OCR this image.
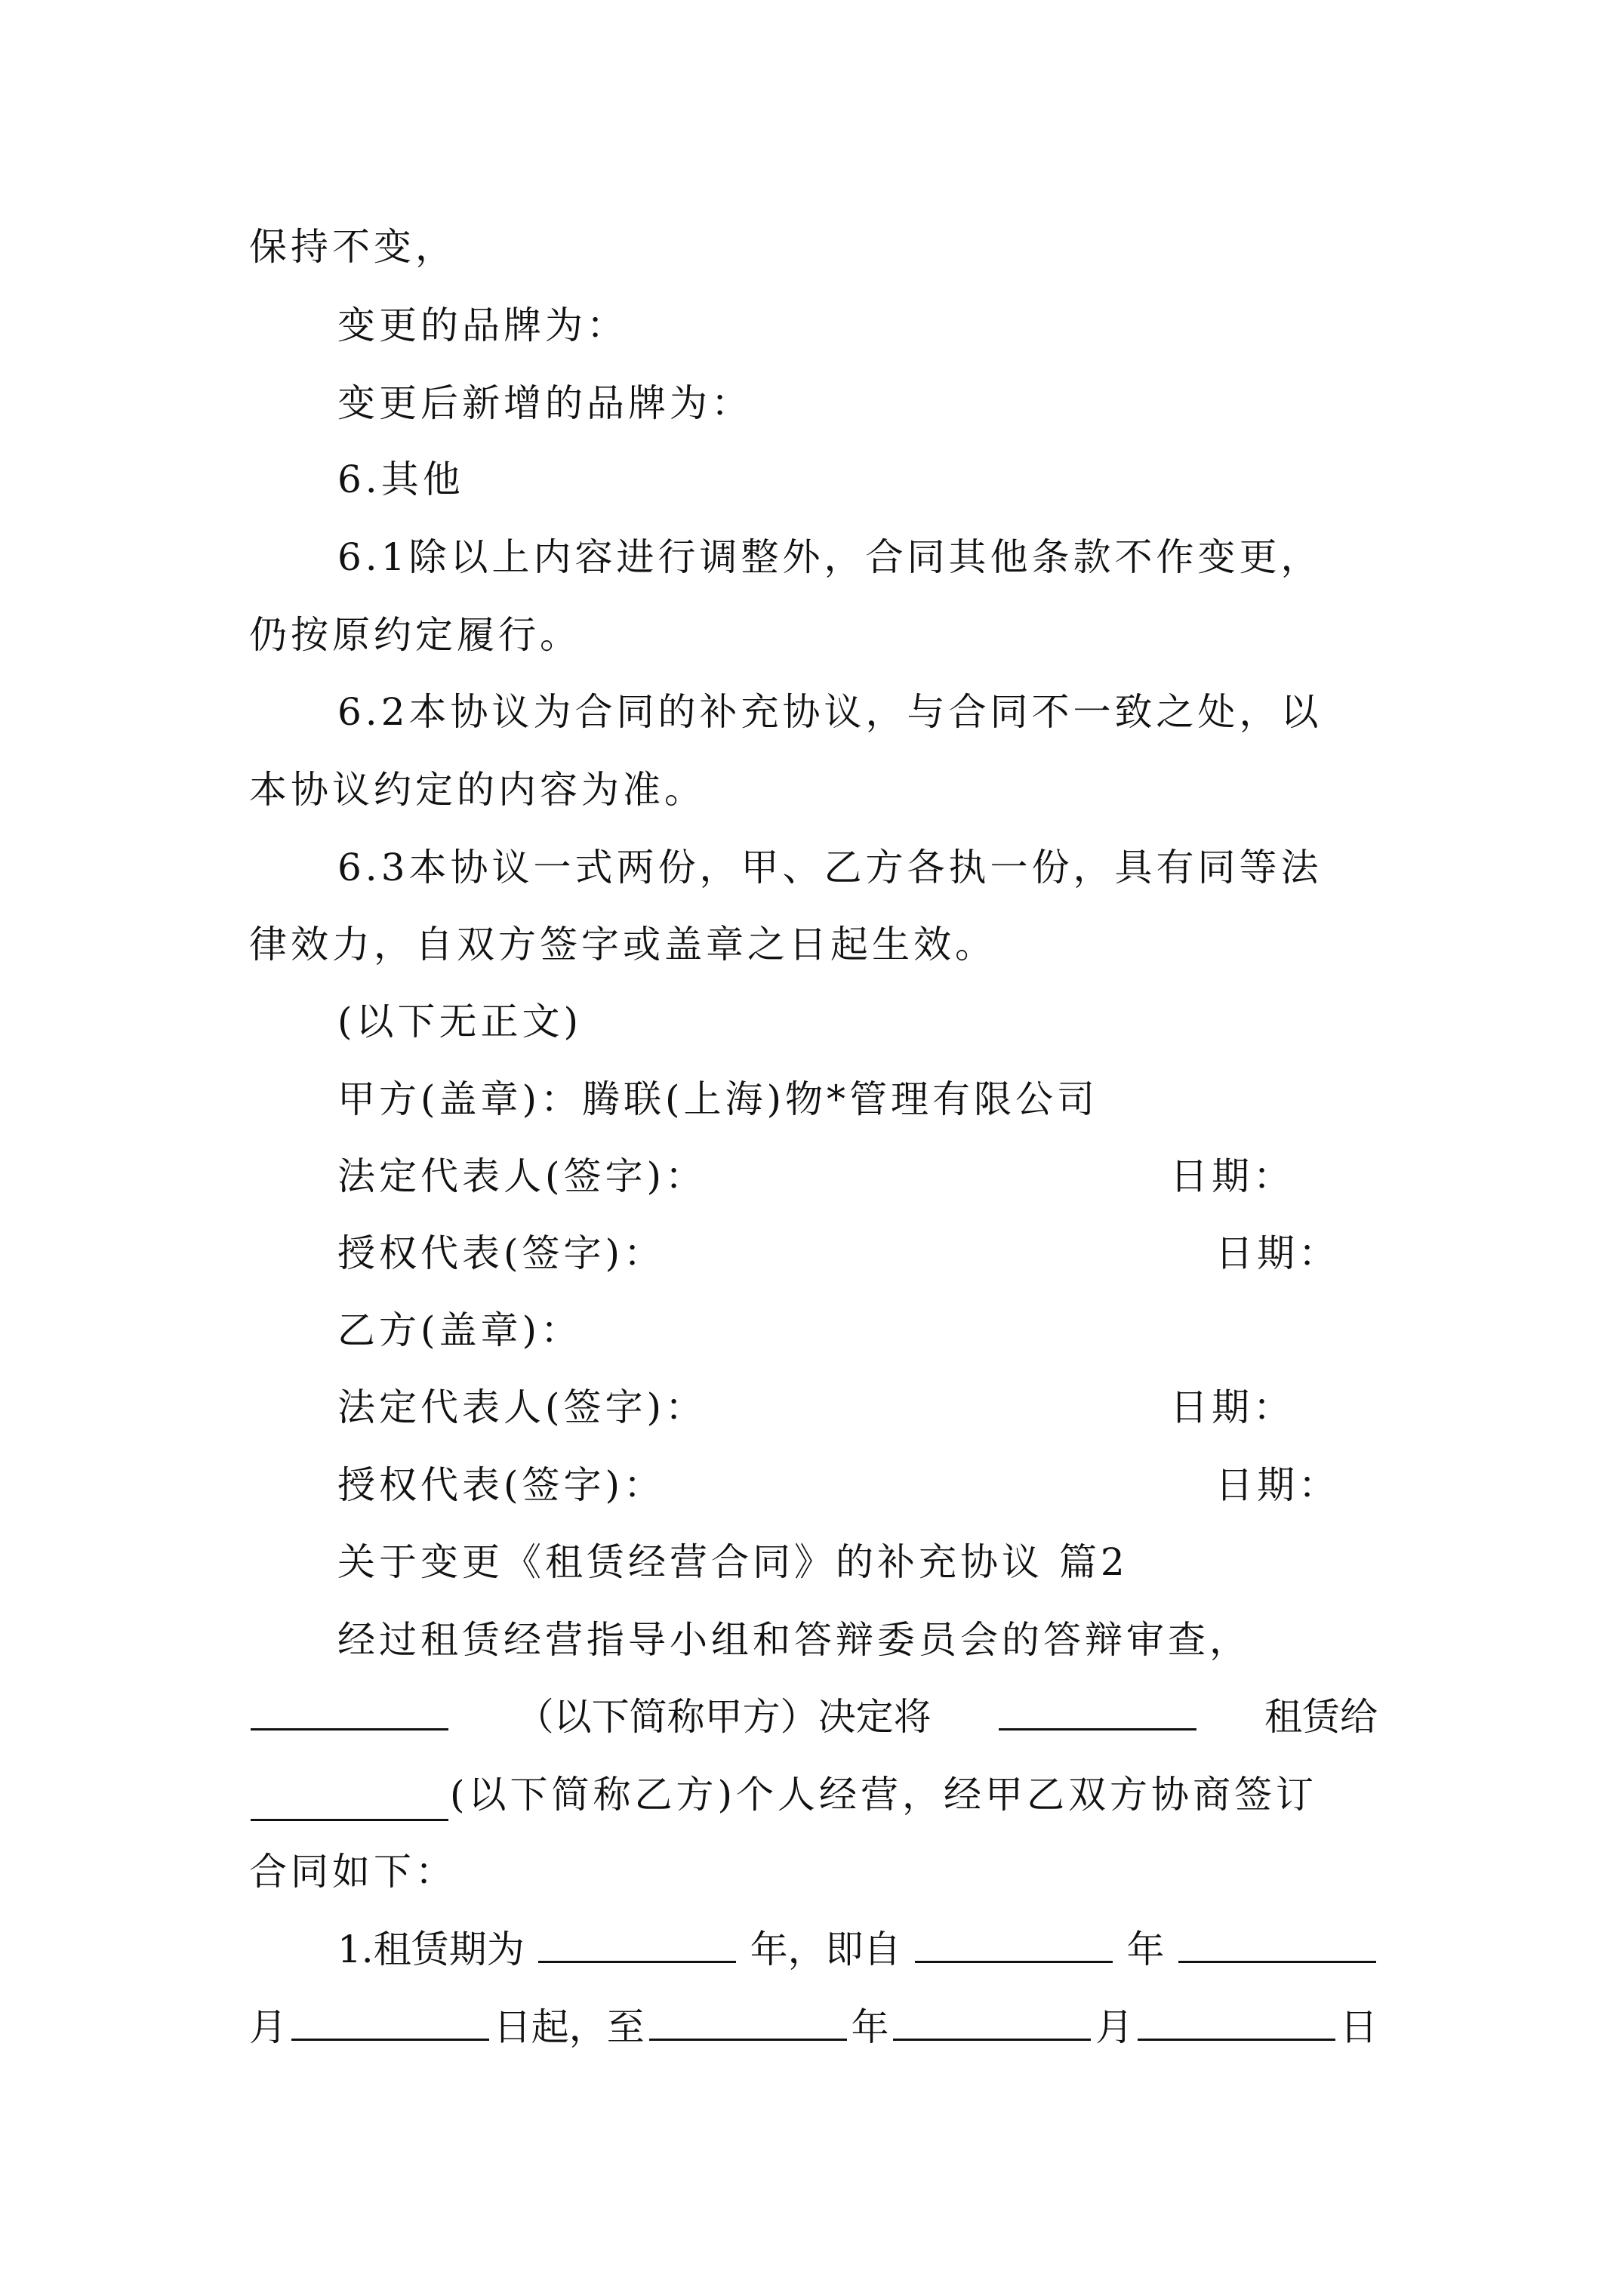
保持不变，
变更的品牌为：
变更后新增的品牌为：
6.其他
6.1除以上内容进行调整外，合同其他条款不作变更，
仍按原约定履行。
6.2本协议为合同的补充协议，与合同不一致之处，以
本协议约定的内容为准。
6.3本协议一式两份，甲、乙方各执一份，具有同等法
律效力，自双方签字或盖章之日起生效。
(以下无正文)
甲方(盖章)：腾联(上海)物*管理有限公司
法定代表人(签字)：	日期：
授权代表(签字)：	日期：
乙方(盖章)：
法定代表人(签字)：	日期：
授权代表(签字)：	日期：
关于变更《租赁经营合同》的补充协议 篇2
经过租赁经营指导小组和答辩委员会的答辩审查，
（以下简称甲方）决定将	租赁给
(以下简称乙方)个人经营，经甲乙双方协商签订
合同如下：
1.租赁期为	年，即自	年
月	日起，至	年	月	日
